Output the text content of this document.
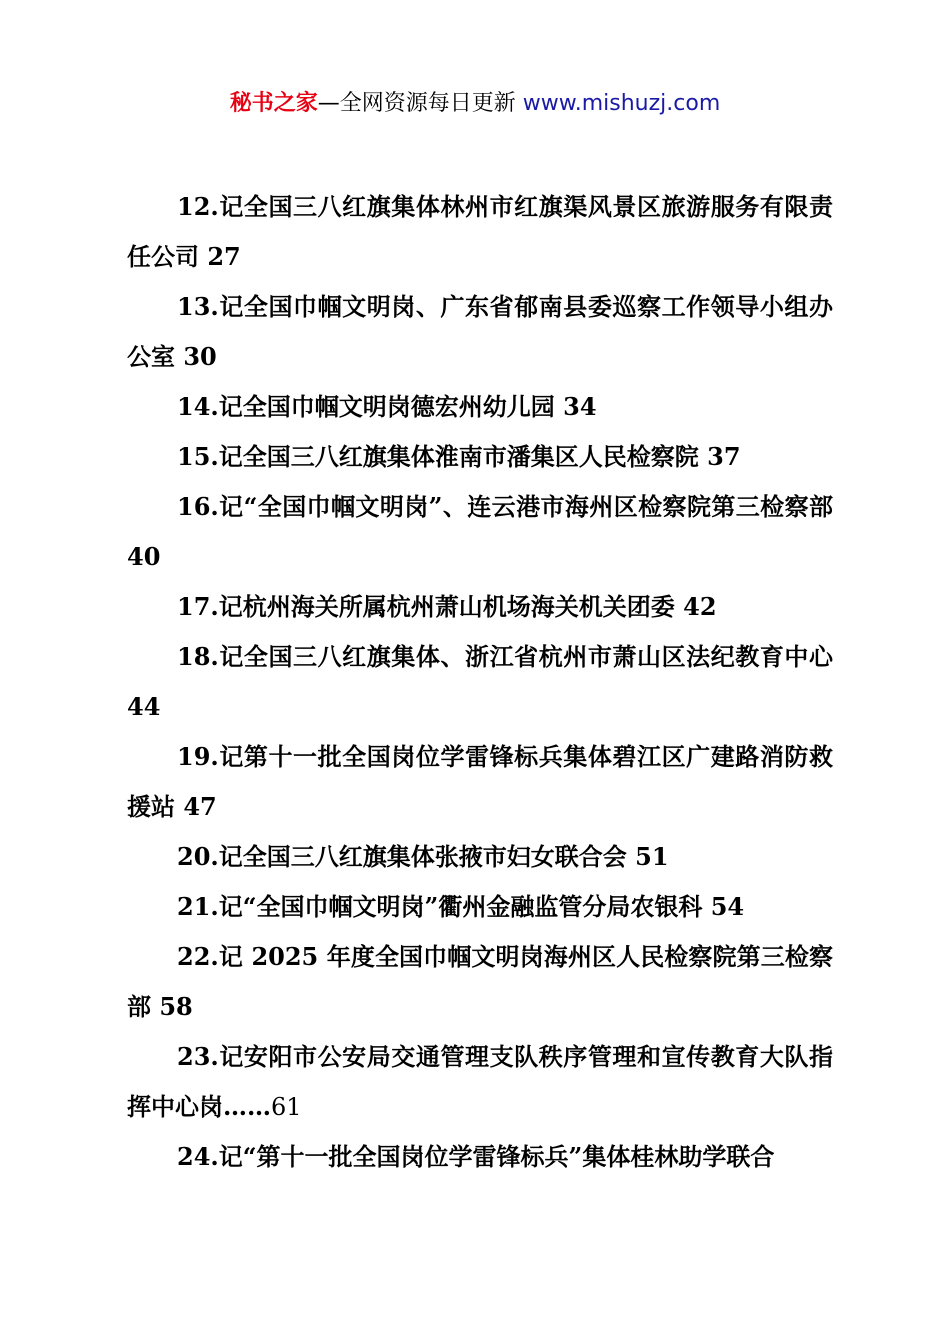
秘书之家—全网资源每日更新 www.mishuzj.com

12.记全国三八红旗集体林州市红旗渠风景区旅游服务有限责任公司 27

13.记全国巾帼文明岗、广东省郁南县委巡察工作领导小组办公室 30

14.记全国巾帼文明岗德宏州幼儿园 34

15.记全国三八红旗集体淮南市潘集区人民检察院 37

16.记“全国巾帼文明岗”、连云港市海州区检察院第三检察部 40

17.记杭州海关所属杭州萧山机场海关机关团委 42

18.记全国三八红旗集体、浙江省杭州市萧山区法纪教育中心 44

19.记第十一批全国岗位学雷锋标兵集体碧江区广建路消防救援站 47

20.记全国三八红旗集体张掖市妇女联合会 51

21.记“全国巾帼文明岗”衢州金融监管分局农银科 54

22.记 2025 年度全国巾帼文明岗海州区人民检察院第三检察部 58

23.记安阳市公安局交通管理支队秩序管理和宣传教育大队指挥中心岗……61

24.记“第十一批全国岗位学雷锋标兵”集体桂林助学联合
